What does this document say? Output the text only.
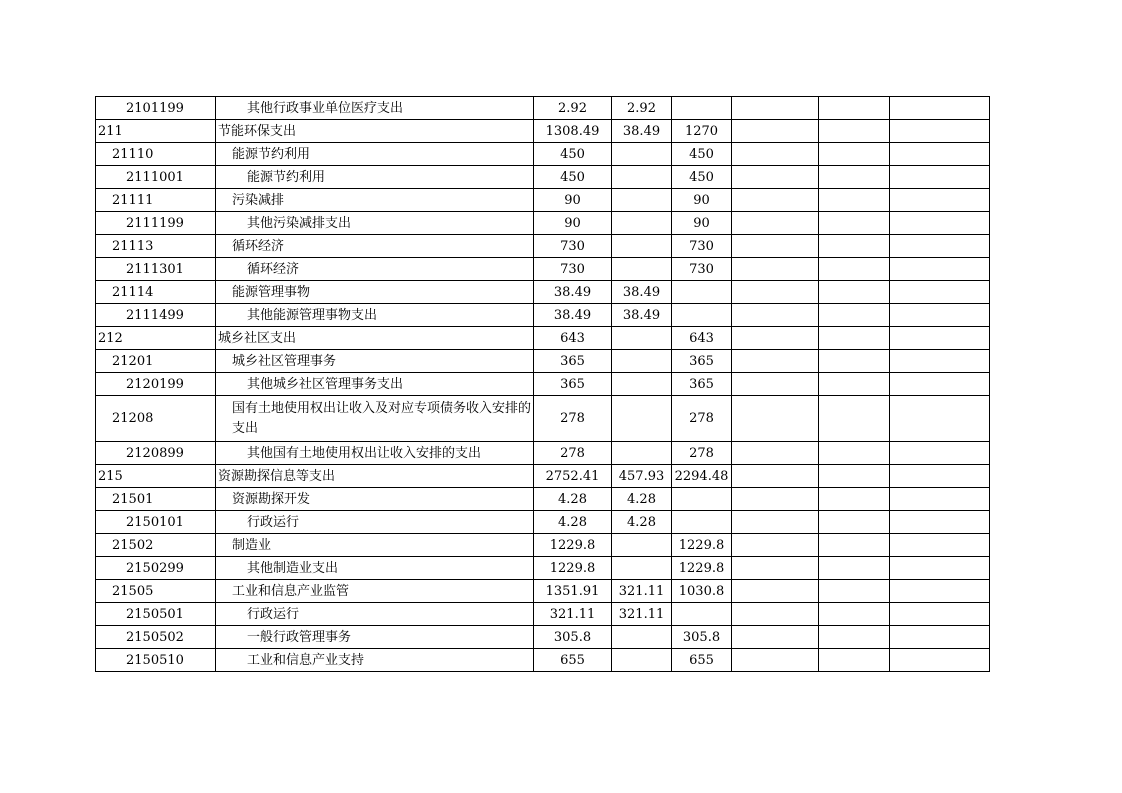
2101199	其他行政事业单位医疗支出	2.92	2.92				
211	节能环保支出	1308.49	38.49	1270			
21110	能源节约利用	450		450			
2111001	能源节约利用	450		450			
21111	污染减排	90		90			
2111199	其他污染减排支出	90		90			
21113	循环经济	730		730			
2111301	循环经济	730		730			
21114	能源管理事物	38.49	38.49				
2111499	其他能源管理事物支出	38.49	38.49				
212	城乡社区支出	643		643			
21201	城乡社区管理事务	365		365			
2120199	其他城乡社区管理事务支出	365		365			
21208	国有土地使用权出让收入及对应专项债务收入安排的支出	278		278			
2120899	其他国有土地使用权出让收入安排的支出	278		278			
215	资源勘探信息等支出	2752.41	457.93	2294.48			
21501	资源勘探开发	4.28	4.28				
2150101	行政运行	4.28	4.28				
21502	制造业	1229.8		1229.8			
2150299	其他制造业支出	1229.8		1229.8			
21505	工业和信息产业监管	1351.91	321.11	1030.8			
2150501	行政运行	321.11	321.11				
2150502	一般行政管理事务	305.8		305.8			
2150510	工业和信息产业支持	655		655			
